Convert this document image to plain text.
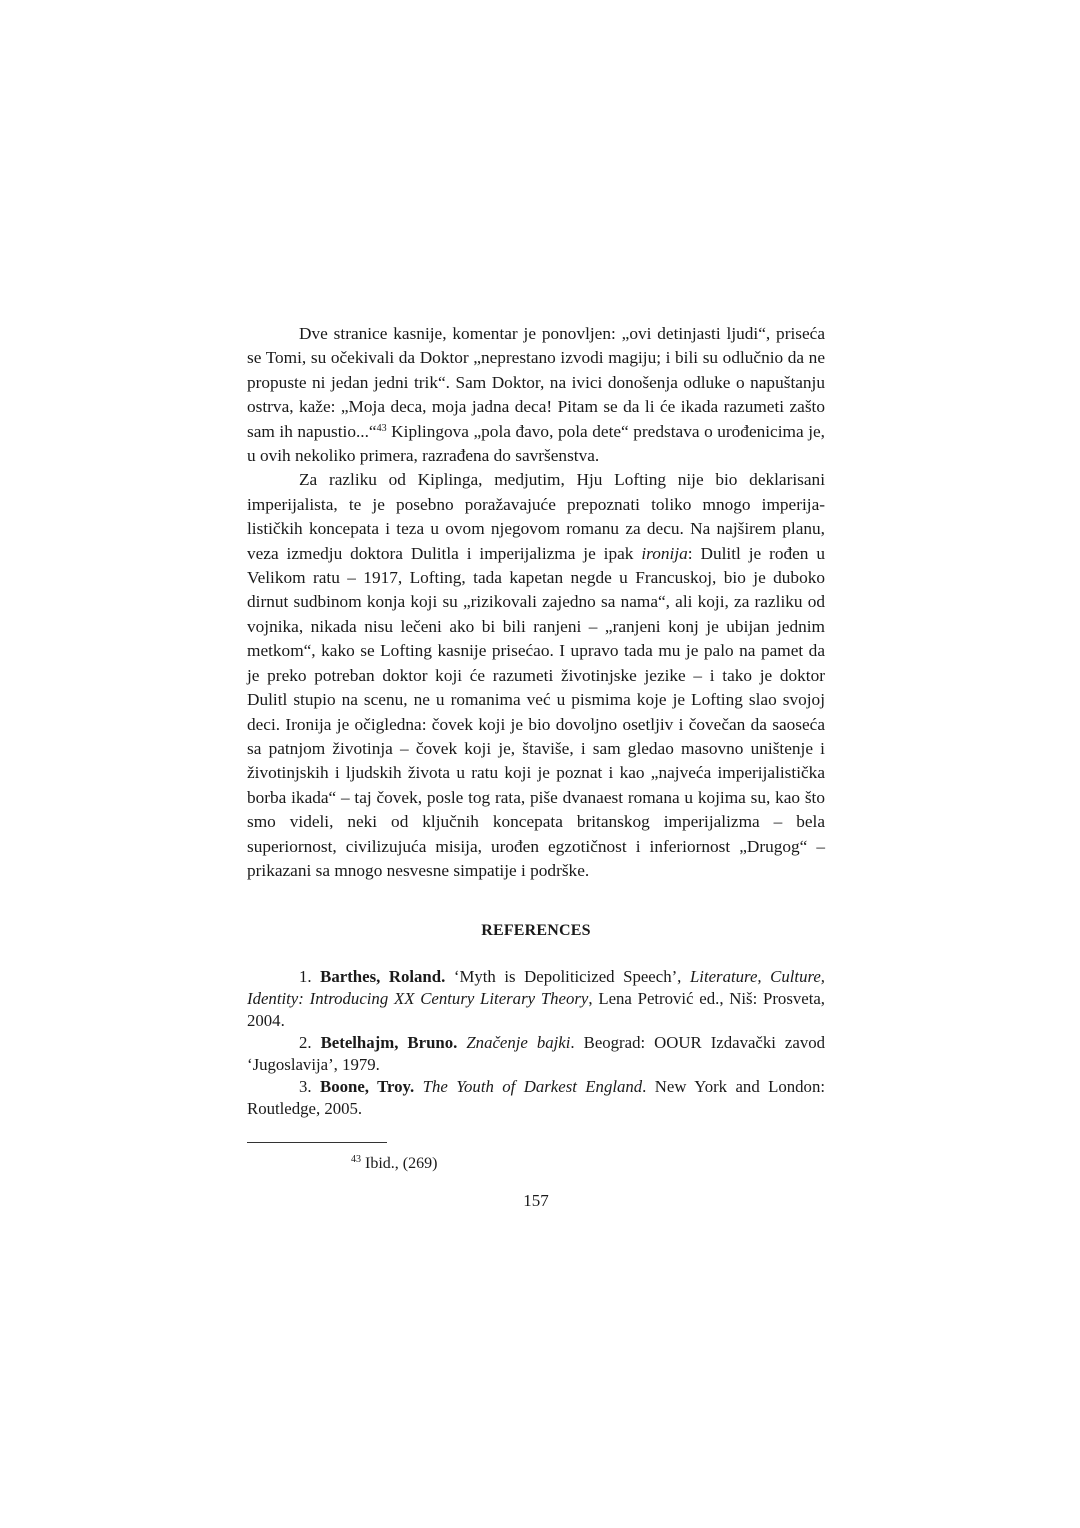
Dve stranice kasnije, komentar je ponovljen: „ovi detinjasti ljudi“, priseća se Tomi, su očekivali da Doktor „neprestano izvodi magiju; i bili su odlučnio da ne propuste ni jedan jedni trik“. Sam Doktor, na ivici donošenja odluke o napuštanju ostrva, kaže: „Moja deca, moja jadna deca! Pitam se da li će ikada razumeti zašto sam ih napustio...“$^{43}$ Kiplingova „pola đavo, pola dete“ predstava o urođenicima je, u ovih nekoliko primera, razrađena do savršenstva.

Za razliku od Kiplinga, medjutim, Hju Lofting nije bio deklarisani imperijalista, te je posebno poražavajuće prepoznati toliko mnogo imperija-lističkih koncepata i teza u ovom njegovom romanu za decu. Na najširem planu, veza izmedju doktora Dulitla i imperijalizma je ipak ironija: Dulitl je rođen u Velikom ratu – 1917, Lofting, tada kapetan negde u Francuskoj, bio je duboko dirnut sudbinom konja koji su „rizikovali zajedno sa nama“, ali koji, za razliku od vojnika, nikada nisu lečeni ako bi bili ranjeni – „ranjeni konj je ubijan jednim metkom“, kako se Lofting kasnije prisećao. I upravo tada mu je palo na pamet da je preko potreban doktor koji će razumeti životinjske jezike – i tako je doktor Dulitl stupio na scenu, ne u romanima već u pismima koje je Lofting slao svojoj deci. Ironija je očigledna: čovek koji je bio dovoljno osetljiv i čovečan da saoseća sa patnjom životinja – čovek koji je, štaviše, i sam gledao masovno uništenje i životinjskih i ljudskih života u ratu koji je poznat i kao „najveća imperijalistička borba ikada“ – taj čovek, posle tog rata, piše dvanaest romana u kojima su, kao što smo videli, neki od ključnih koncepata britanskog imperijalizma – bela superiornost, civilizujuća misija, urođen egzotičnost i inferiornost „Drugog“ – prikazani sa mnogo nesvesne simpatije i podrške.

REFERENCES

1. Barthes, Roland. ‘Myth is Depoliticized Speech’, Literature, Culture, Identity: Introducing XX Century Literary Theory, Lena Petrović ed., Niš: Prosveta, 2004.

2. Betelhajm, Bruno. Značenje bajki. Beograd: OOUR Izdavački zavod ‘Jugoslavija’, 1979.

3. Boone, Troy. The Youth of Darkest England. New York and London: Routledge, 2005.

$^{43}$ Ibid., (269)

157
